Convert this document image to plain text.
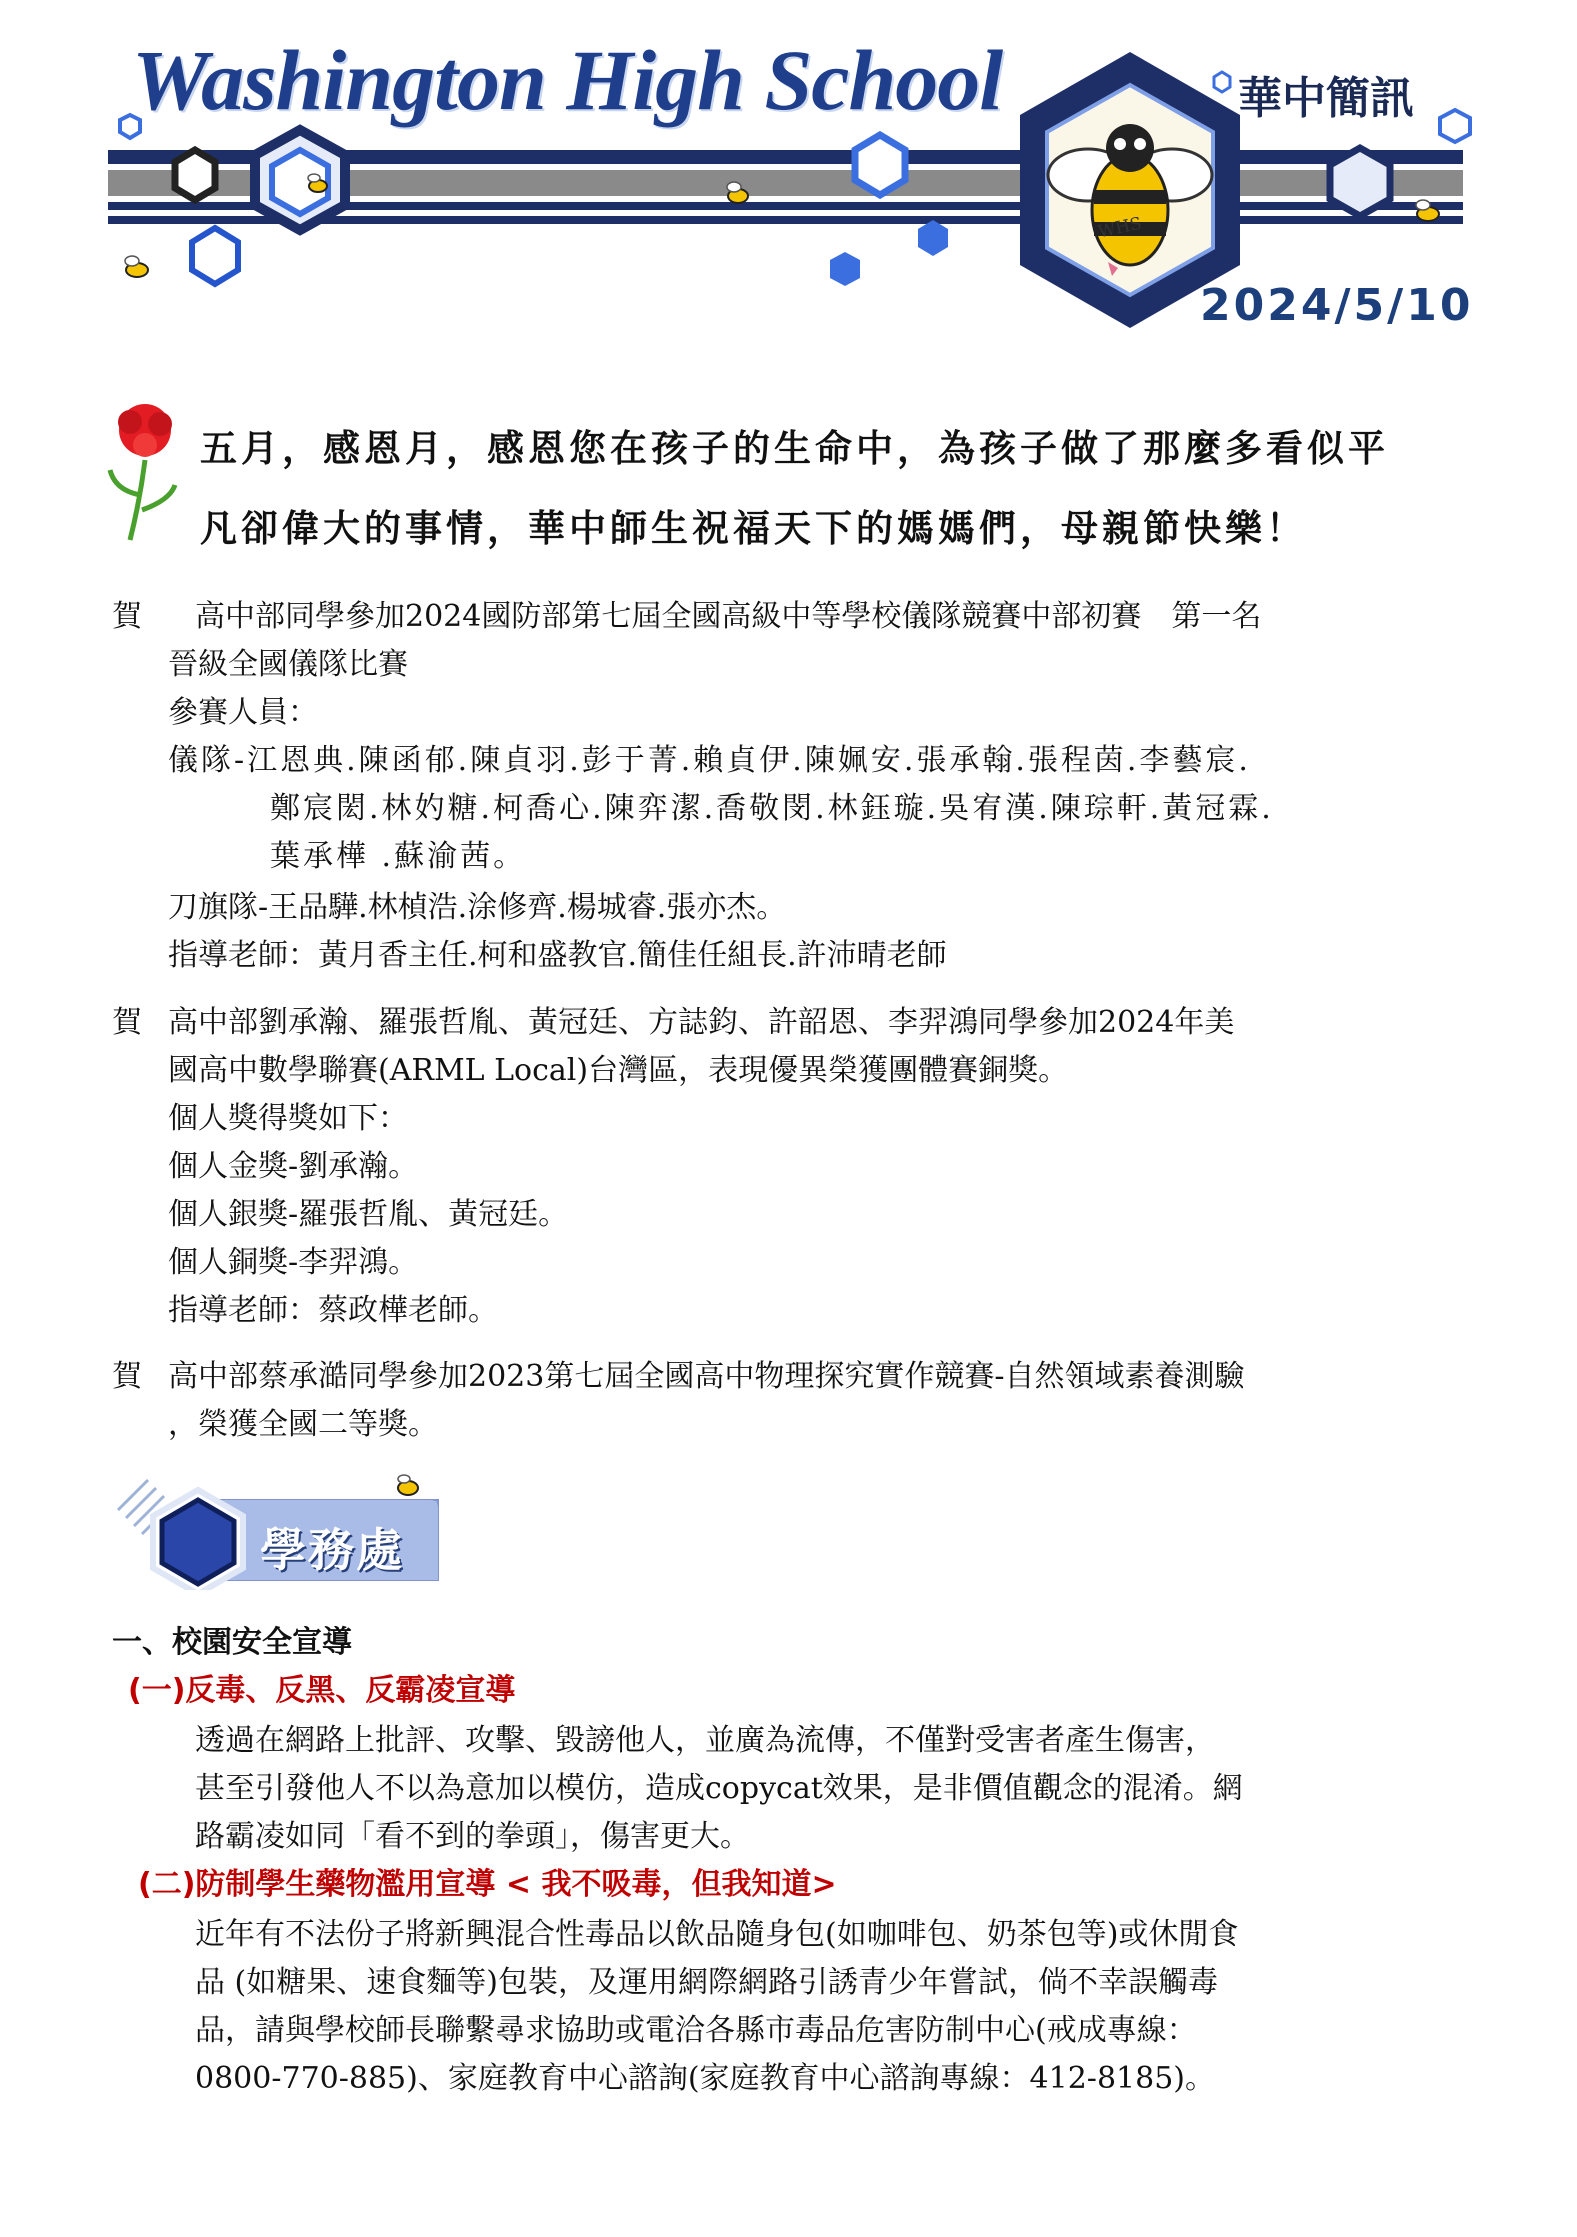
Washington High School	華中簡訊
WHS
2024/5/10
五月，感恩月，感恩您在孩子的生命中，為孩子做了那麼多看似平
凡卻偉大的事情，華中師生祝福天下的媽媽們，母親節快樂！
賀 高中部同學參加2024國防部第七屆全國高級中等學校儀隊競賽中部初賽　第一名
晉級全國儀隊比賽
參賽人員：
儀隊-江恩典.陳函郁.陳貞羽.彭于菁.賴貞伊.陳姵安.張承翰.張程茵.李藝宸.
鄭宸閎.林妁糖.柯喬心.陳弈潔.喬敬閔.林鈺璇.吳宥漢.陳琮軒.黃冠霖.
葉承樺 .蘇渝茜。
刀旗隊-王品驊.林楨浩.涂修齊.楊城睿.張亦杰。
指導老師：黃月香主任.柯和盛教官.簡佳任組長.許沛晴老師
賀 高中部劉承瀚、羅張哲胤、黃冠廷、方誌鈞、許韶恩、李羿鴻同學參加2024年美
國高中數學聯賽(ARML Local)台灣區，表現優異榮獲團體賽銅獎。
個人獎得獎如下：
個人金獎-劉承瀚。
個人銀獎-羅張哲胤、黃冠廷。
個人銅獎-李羿鴻。
指導老師：蔡政樺老師。
賀 高中部蔡承澔同學參加2023第七屆全國高中物理探究實作競賽-自然領域素養測驗
，榮獲全國二等獎。
學務處
一、校園安全宣導
(一)反毒、反黑、反霸凌宣導
透過在網路上批評、攻擊、毀謗他人，並廣為流傳，不僅對受害者產生傷害，
甚至引發他人不以為意加以模仿，造成copycat效果，是非價值觀念的混淆。網
路霸凌如同「看不到的拳頭」，傷害更大。
(二)防制學生藥物濫用宣導 < 我不吸毒，但我知道>
近年有不法份子將新興混合性毒品以飲品隨身包(如咖啡包、奶茶包等)或休閒食
品 (如糖果、速食麵等)包裝，及運用網際網路引誘青少年嘗試，倘不幸誤觸毒
品，請與學校師長聯繫尋求協助或電洽各縣市毒品危害防制中心(戒成專線：
0800-770-885)、家庭教育中心諮詢(家庭教育中心諮詢專線：412-8185)。
